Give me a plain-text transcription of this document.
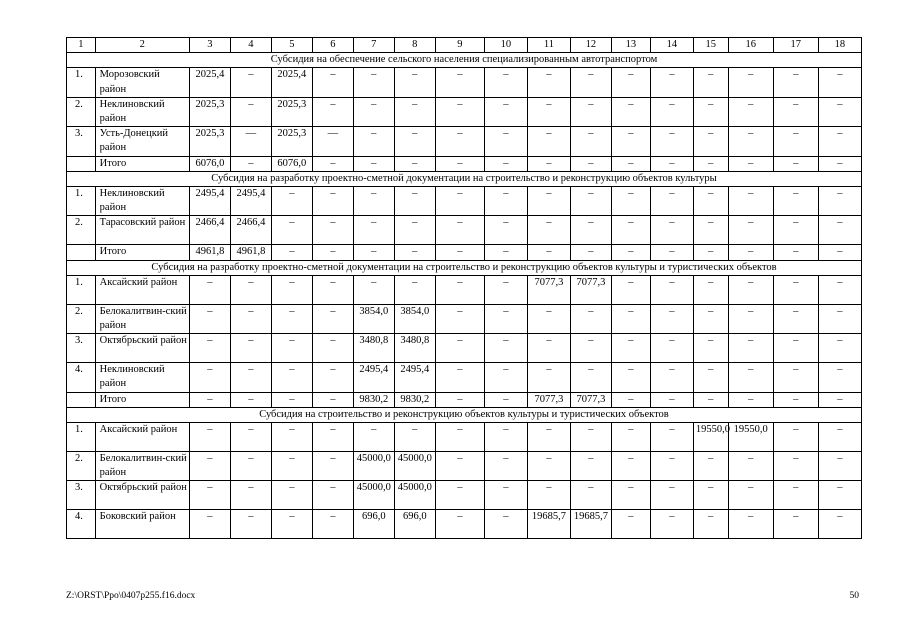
1	2	3	4	5	6	7	8	9	10	11	12	13	14	15	16	17	18
Субсидия на обеспечение сельского населения специализированным автотранспортом																	
1.	Морозовский район	2025,4	–	2025,4	–	–	–	–	–	–	–	–	–	–	–	–	–
2.	Неклиновский район	2025,3	–	2025,3	–	–	–	–	–	–	–	–	–	–	–	–	–
3.	Усть-Донецкий район	2025,3	—	2025,3	—	–	–	–	–	–	–	–	–	–	–	–	–
	Итого	6076,0	–	6076,0	–	–	–	–	–	–	–	–	–	–	–	–	–
Субсидия на разработку проектно-сметной документации на строительство и реконструкцию объектов культуры																	
1.	Неклиновский район	2495,4	2495,4	–	–	–	–	–	–	–	–	–	–	–	–	–	–
2.	Тарасовский район	2466,4	2466,4	–	–	–	–	–	–	–	–	–	–	–	–	–	–
	Итого	4961,8	4961,8	–	–	–	–	–	–	–	–	–	–	–	–	–	–
Субсидия на разработку проектно-сметной документации на строительство и реконструкцию объектов культуры и туристических объектов																	
1.	Аксайский район	–	–	–	–	–	–	–	–	7077,3	7077,3	–	–	–	–	–	–
2.	Белокалитвин-ский район	–	–	–	–	3854,0	3854,0	–	–	–	–	–	–	–	–	–	–
3.	Октябрьский район	–	–	–	–	3480,8	3480,8	–	–	–	–	–	–	–	–	–	–
4.	Неклиновский район	–	–	–	–	2495,4	2495,4	–	–	–	–	–	–	–	–	–	–
	Итого	–	–	–	–	9830,2	9830,2	–	–	7077,3	7077,3	–	–	–	–	–	–
Субсидия на строительство и реконструкцию объектов культуры и туристических объектов																	
1.	Аксайский район	–	–	–	–	–	–	–	–	–	–	–	–	19550,0	19550,0	–	–
2.	Белокалитвин-ский район	–	–	–	–	45000,0	45000,0	–	–	–	–	–	–	–	–	–	–
3.	Октябрьский район	–	–	–	–	45000,0	45000,0	–	–	–	–	–	–	–	–	–	–
4.	Боковский район	–	–	–	–	696,0	696,0	–	–	19685,7	19685,7	–	–	–	–	–	–
Z:\ORST\Ppo\0407p255.f16.docx	50
